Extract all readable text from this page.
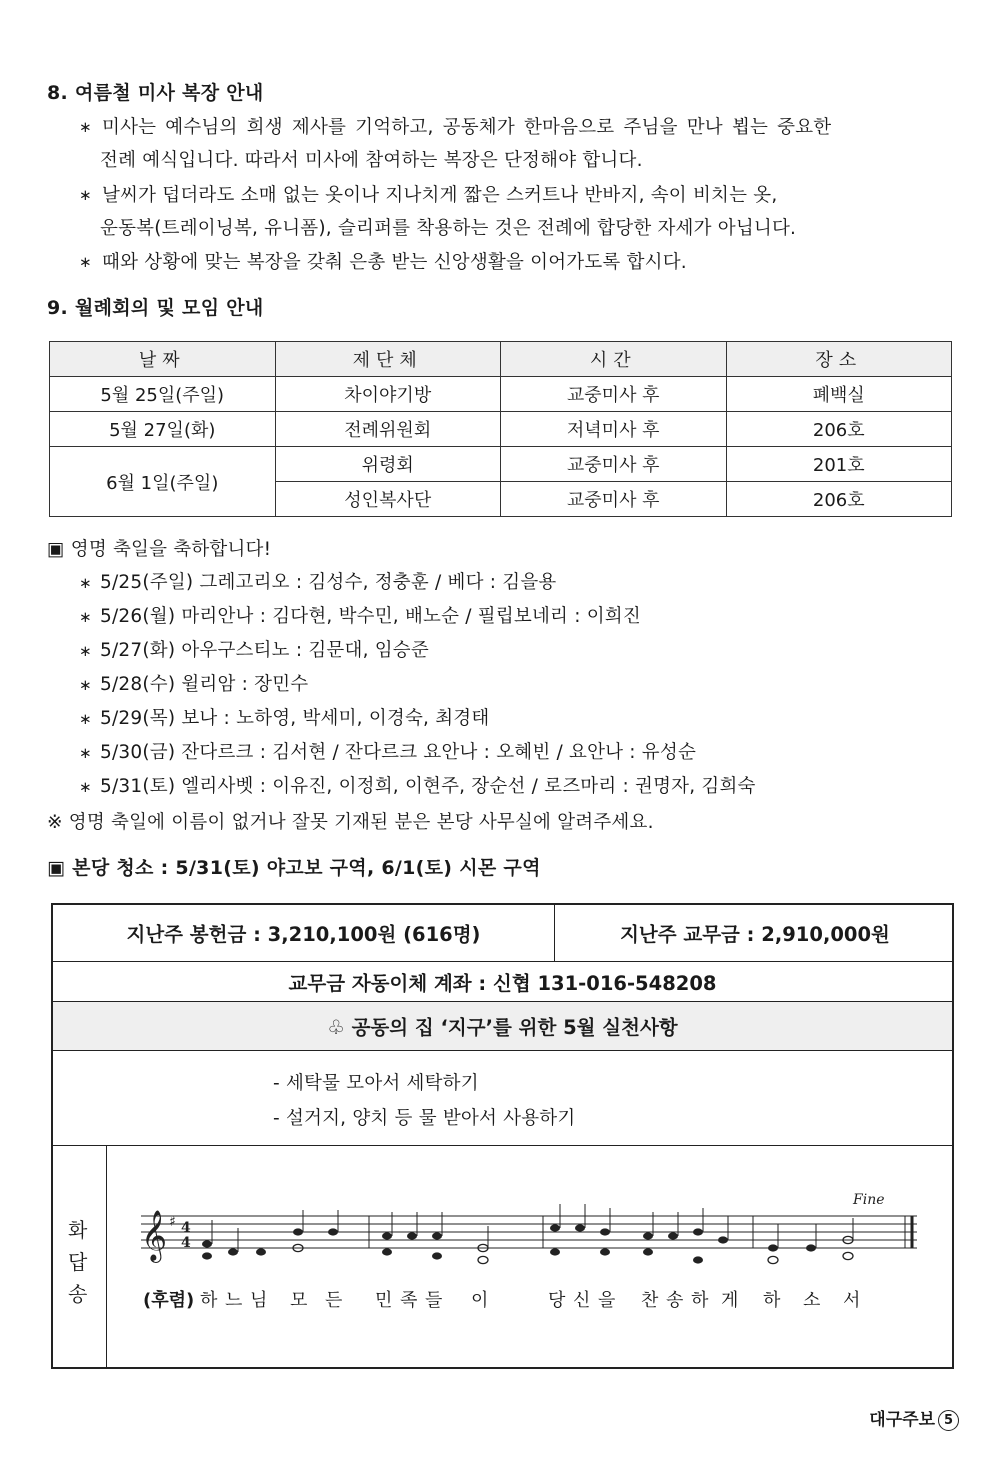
8. 여름철 미사 복장 안내
∗ 미사는 예수님의 희생 제사를 기억하고, 공동체가 한마음으로 주님을 만나 뵙는 중요한
전례 예식입니다. 따라서 미사에 참여하는 복장은 단정해야 합니다.
∗ 날씨가 덥더라도 소매 없는 옷이나 지나치게 짧은 스커트나 반바지, 속이 비치는 옷,
운동복(트레이닝복, 유니폼), 슬리퍼를 착용하는 것은 전례에 합당한 자세가 아닙니다.
∗ 때와 상황에 맞는 복장을 갖춰 은총 받는 신앙생활을 이어가도록 합시다.
9. 월례회의 및 모임 안내
날짜	제단체	시간	장소
5월 25일(주일)	차이야기방	교중미사 후	폐백실
5월 27일(화)	전례위원회	저녁미사 후	206호
6월 1일(주일)	위령회	교중미사 후	201호
	성인복사단	교중미사 후	206호
▣ 영명 축일을 축하합니다!
∗ 5/25(주일) 그레고리오 : 김성수, 정충훈 / 베다 : 김을용
∗ 5/26(월) 마리안나 : 김다현, 박수민, 배노순 / 필립보네리 : 이희진
∗ 5/27(화) 아우구스티노 : 김문대, 임승준
∗ 5/28(수) 윌리암 : 장민수
∗ 5/29(목) 보나 : 노하영, 박세미, 이경숙, 최경태
∗ 5/30(금) 잔다르크 : 김서현 / 잔다르크 요안나 : 오혜빈 / 요안나 : 유성순
∗ 5/31(토) 엘리사벳 : 이유진, 이정희, 이현주, 장순선 / 로즈마리 : 권명자, 김희숙
※ 영명 축일에 이름이 없거나 잘못 기재된 분은 본당 사무실에 알려주세요.
▣ 본당 청소 : 5/31(토) 야고보 구역, 6/1(토) 시몬 구역
지난주 봉헌금 : 3,210,100원 (616명)	지난주 교무금 : 2,910,000원
교무금 자동이체 계좌 : 신협 131-016-548208
♧ 공동의 집 ‘지구’를 위한 5월 실천사항
- 세탁물 모아서 세탁하기
- 설거지, 양치 등 물 받아서 사용하기
화답송
𝄞 ♯ 4
4
Fine
(후렴) 하 느 님 모 든 민 족 들 이	당 신 을 찬 송 하 게 하 소 서
대구주보 5
